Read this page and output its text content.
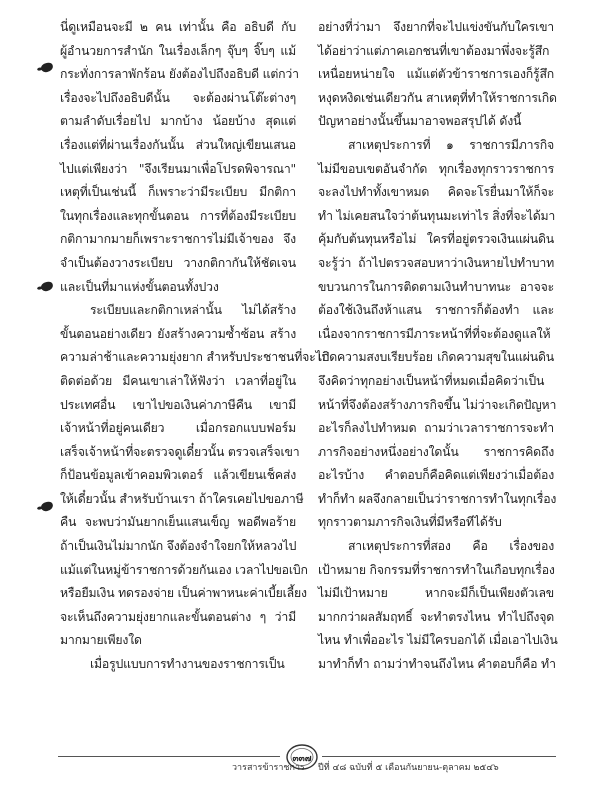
นี่ดูเหมือนจะมี ๒ คน เท่านั้น คือ อธิบดี กับ
ผู้อำนวยการสำนัก ในเรื่องเล็กๆ จุ๊บๆ จิ๊บๆ แม้
กระทั่งการลาพักร้อน ยังต้องไปถึงอธิบดี แต่กว่า
เรื่องจะไปถึงอธิบดีนั้น จะต้องผ่านโต๊ะต่างๆ
ตามลำดับเรื่อยไป มากบ้าง น้อยบ้าง สุดแต่
เรื่องแต่ที่ผ่านเรื่องกันนั้น ส่วนใหญ่เขียนเสนอ
ไปแต่เพียงว่า "จึงเรียนมาเพื่อโปรดพิจารณา"
เหตุที่เป็นเช่นนี้ ก็เพราะว่ามีระเบียบ มีกติกา
ในทุกเรื่องและทุกขั้นตอน การที่ต้องมีระเบียบ
กติกามากมายก็เพราะราชการไม่มีเจ้าของ จึง
จำเป็นต้องวางระเบียบ วางกติกากันให้ชัดเจน
และเป็นที่มาแห่งขั้นตอนทั้งปวง
ระเบียบและกติกาเหล่านั้น ไม่ได้สร้าง
ขั้นตอนอย่างเดียว ยังสร้างความซ้ำซ้อน สร้าง
ความล่าช้าและความยุ่งยาก สำหรับประชาชนที่จะไป
ติดต่อด้วย มีคนเขาเล่าให้ฟังว่า เวลาที่อยู่ใน
ประเทศอื่น เขาไปขอเงินค่าภาษีคืน เขามี
เจ้าหน้าที่อยู่คนเดียว เมื่อกรอกแบบฟอร์ม
เสร็จเจ้าหน้าที่จะตรวจดูเดี๋ยวนั้น ตรวจเสร็จเขา
ก็ป้อนข้อมูลเข้าคอมพิวเตอร์ แล้วเขียนเช็คส่ง
ให้เดี๋ยวนั้น สำหรับบ้านเรา ถ้าใครเคยไปขอภาษี
คืน จะพบว่ามันยากเย็นแสนเข็ญ พอดีพอร้าย
ถ้าเป็นเงินไม่มากนัก จึงต้องจำใจยกให้หลวงไป
แม้แต่ในหมู่ข้าราชการด้วยกันเอง เวลาไปขอเบิก
หรือยืมเงิน ทดรองจ่าย เป็นค่าพาหนะค่าเบี้ยเลี้ยง
จะเห็นถึงความยุ่งยากและขั้นตอนต่าง ๆ ว่ามี
มากมายเพียงใด
เมื่อรูปแบบการทำงานของราชการเป็น
อย่างที่ว่ามา จึงยากที่จะไปแข่งขันกับใครเขา
ได้อย่าว่าแต่ภาคเอกชนที่เขาต้องมาพึ่งจะรู้สึก
เหนื่อยหน่ายใจ แม้แต่ตัวข้าราชการเองก็รู้สึก
หงุดหงิดเช่นเดียวกัน สาเหตุที่ทำให้ราชการเกิด
ปัญหาอย่างนั้นขึ้นมาอาจพอสรุปได้ ดังนี้
สาเหตุประการที่ ๑ ราชการมีภารกิจ
ไม่มีขอบเขตอันจำกัด ทุกเรื่องทุกราวราชการ
จะลงไปทำทั้งเขาหมด คิดจะโรยื่นมาให้ก็จะ
ทำ ไม่เคยสนใจว่าต้นทุนมะเท่าไร สิ่งที่จะได้มา
คุ้มกับต้นทุนหรือไม่ ใครที่อยู่ตรวจเงินแผ่นดิน
จะรู้ว่า ถ้าไปตรวจสอบหาว่าเงินหายไปทำบาท
ขบวนการในการติดตามเงินทำบาทนะ อาจจะ
ต้องใช้เงินถึงห้าแสน ราชการก็ต้องทำ และ
เนื่องจากราชการมีภาระหน้าที่ที่จะต้องดูแลให้
เกิดความสงบเรียบร้อย เกิดความสุขในแผ่นดิน
จึงคิดว่าทุกอย่างเป็นหน้าที่หมดเมื่อคิดว่าเป็น
หน้าที่จึงต้องสร้างภารกิจขึ้น ไม่ว่าจะเกิดปัญหา
อะไรก็ลงไปทำหมด ถามว่าเวลาราชการจะทำ
ภารกิจอย่างหนึ่งอย่างใดนั้น ราชการคิดถึง
อะไรบ้าง คำตอบก็คือคิดแต่เพียงว่าเมื่อต้อง
ทำก็ทำ ผลจึงกลายเป็นว่าราชการทำในทุกเรื่อง
ทุกราวตามภารกิจเงินที่มีหรือทีได้รับ
สาเหตุประการที่สอง คือ เรื่องของ
เป้าหมาย กิจกรรมที่ราชการทำในเกือบทุกเรื่อง
ไม่มีเป้าหมาย หากจะมีก็เป็นเพียงตัวเลข
มากกว่าผลสัมฤทธิ์ จะทำตรงไหน ทำไปถึงจุด
ไหน ทำเพื่ออะไร ไม่มีใครบอกได้ เมื่อเอาไปเงิน
มาทำก็ทำ ถามว่าทำจนถึงไหน คำตอบก็คือ ทำ
วารสารข้าราชการ
๓๓๗
ปีที่ ๔๘ ฉบับที่ ๕ เดือนกันยายน-ตุลาคม ๒๕๔๖
